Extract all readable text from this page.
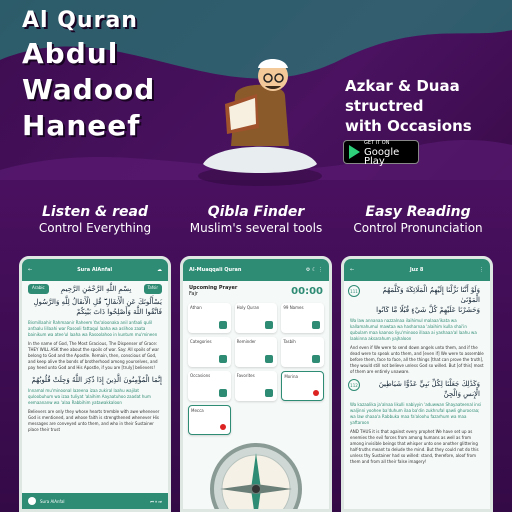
Al Quran
Abdul
Wadood
Haneef
Azkar & Duaa
structred
with Occasions
GET IT ON
Google Play
Listen & read
Control Everything
Qibla Finder
Muslim's several tools
Easy Reading
Control Pronunciation
←	Sura AlAnfal	☁
Arabic	بِسْمِ اللَّهِ الرَّحْمَٰنِ الرَّحِيمِ	Tafsir
يَسْأَلُونَكَ عَنِ الْأَنفَالِ ۖ قُلِ الْأَنفَالُ لِلَّهِ وَالرَّسُولِ
فَاتَّقُوا اللَّهَ وَأَصْلِحُوا ذَاتَ بَيْنِكُمْ
Bismillaahir Rahmaanir Raheem Yas'aloonaka anil anfaali qulil anfaalu lillaahi war Rasooli fattaqul laaha wa aslihoo zaata bainikum wa atee'ul laaha wa Rasoolahoo in kuntum mu'mineen
In the name of God, The Most Gracious, The Dispenser of Grace: THEY WILL ASK thee about the spoils of war. Say: All spoils of war belong to God and the Apostle. Remain, then, conscious of God, and keep alive the bonds of brotherhood among yourselves, and pay heed unto God and His Apostle, if you are [truly] believers!
إِنَّمَا الْمُؤْمِنُونَ الَّذِينَ إِذَا ذُكِرَ اللَّهُ وَجِلَتْ قُلُوبُهُمْ
Innamal mu'minoonal lazeena izaa zukiral laahu wajilat quloobuhum wa izaa tuliyat 'alaihim Aayaatuhoo zaadat hum eemaananw wa 'alaa Rabbihim yatawakkaloon
Believers are only they whose hearts tremble with awe whenever God is mentioned, and whose faith is strengthened whenever His messages are conveyed unto them, and who in their Sustainer place their trust
Sura AlAnfal	⏮ ⏸ ⏭
Al-Muaqqali Quran	⚙ ☾ ⋮
Upcoming Prayer
Fajr	00:00
Athan	Holy Quran	99 Names
Categories	Reminder	Tasbih
Occasions	Favorites	Morina
Mecca
←	Juz 8	⋮
111	وَلَوْ أَنَّنَا نَزَّلْنَا إِلَيْهِمُ الْمَلَائِكَةَ وَكَلَّمَهُمُ الْمَوْتَىٰ
وَحَشَرْنَا عَلَيْهِمْ كُلَّ شَيْءٍ قُبُلًا مَّا كَانُوا
Wa law annanaa nazzalnaa ilaihimul malaaa'ikata wa kallamahumul mawtaa wa hasharnaa 'alaihim kulla shai'in qubulam maa kaanoo liyu'minooo illaaa ai yashaaa'al laahu wa laakinna aksarahum yajhaloon
And even if We were to send down angels unto them, and if the dead were to speak unto them, and [even if] We were to assemble before them, face to face, all the things [that can prove the truth], they would still not believe unless God so willed. But [of this] most of them are entirely unaware.
112	وَكَذَٰلِكَ جَعَلْنَا لِكُلِّ نَبِيٍّ عَدُوًّا شَيَاطِينَ الْإِنسِ وَالْجِنِّ
Wa kazaalika ja'alnaa likulli nabiyyin 'aduwwan Shayaateenal insi waljinni yoohee ba'duhum ilaa ba'din zukhrufal qawli ghurooraa; wa law shaaa'a Rabbuka maa fa'aloohu fazarhum wa maa yaftaroon
AND THUS it is that against every prophet We have set up as enemies the evil forces from among humans as well as from among invisible beings that whisper unto one another glittering half-truths meant to delude the mind. But they could not do this unless thy Sustainer had so willed: stand, therefore, aloof from them and from all their false imagery!
